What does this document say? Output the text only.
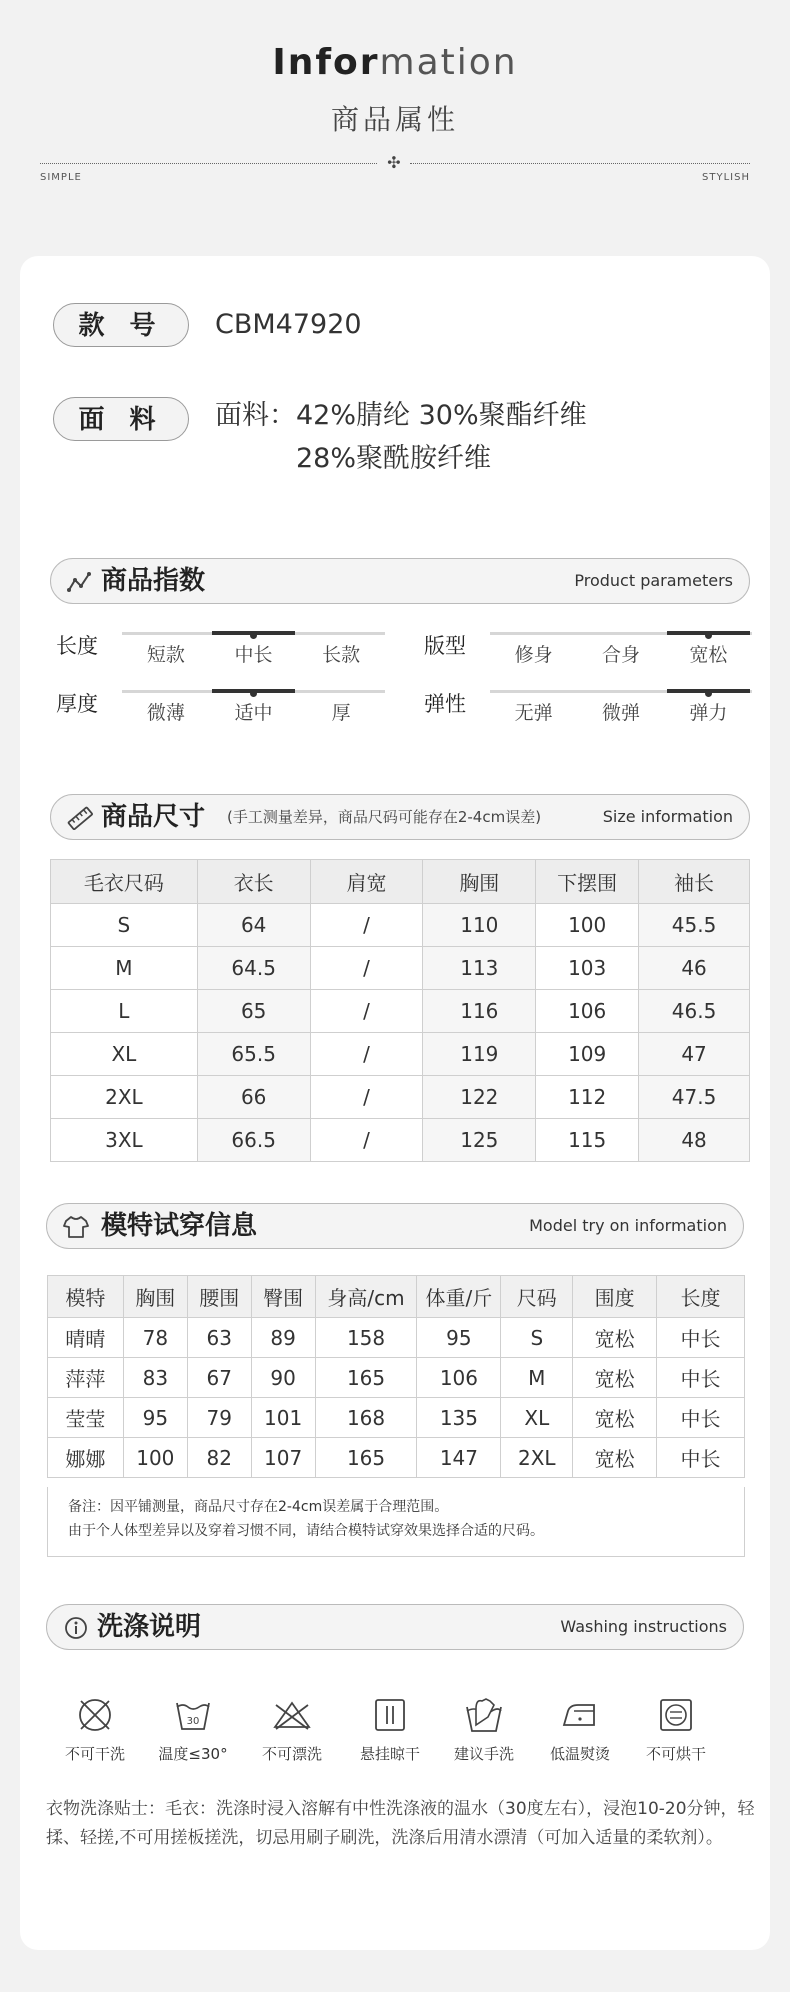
Information
商品属性
✣
SIMPLE	STYLISH
款 号	CBM47920
面 料	面料：42%腈纶 30%聚酯纤维
28%聚酰胺纤维
商品指数	Product parameters
长度	短款	中长	长款	版型	修身	合身	宽松
厚度	微薄	适中	厚	弹性	无弹	微弹	弹力
商品尺寸 (手工测量差异，商品尺码可能存在2-4cm误差)	Size information
毛衣尺码	衣长	肩宽	胸围	下摆围	袖长
S	64	/	110	100	45.5
M	64.5	/	113	103	46
L	65	/	116	106	46.5
XL	65.5	/	119	109	47
2XL	66	/	122	112	47.5
3XL	66.5	/	125	115	48
模特试穿信息	Model try on information
模特	胸围	腰围	臀围	身高/cm	体重/斤	尺码	围度	长度
晴晴	78	63	89	158	95	S	宽松	中长
萍萍	83	67	90	165	106	M	宽松	中长
莹莹	95	79	101	168	135	XL	宽松	中长
娜娜	100	82	107	165	147	2XL	宽松	中长
备注：因平铺测量，商品尺寸存在2-4cm误差属于合理范围。
由于个人体型差异以及穿着习惯不同，请结合模特试穿效果选择合适的尺码。
洗涤说明	Washing instructions
不可干洗
30
温度≤30°	不可漂洗	悬挂晾干	建议手洗	低温熨烫	不可烘干
衣物洗涤贴士：毛衣：洗涤时浸入溶解有中性洗涤液的温水（30度左右），浸泡10-20分钟，轻揉、轻搓,不可用搓板搓洗，切忌用刷子刷洗，洗涤后用清水漂清（可加入适量的柔软剂）。
